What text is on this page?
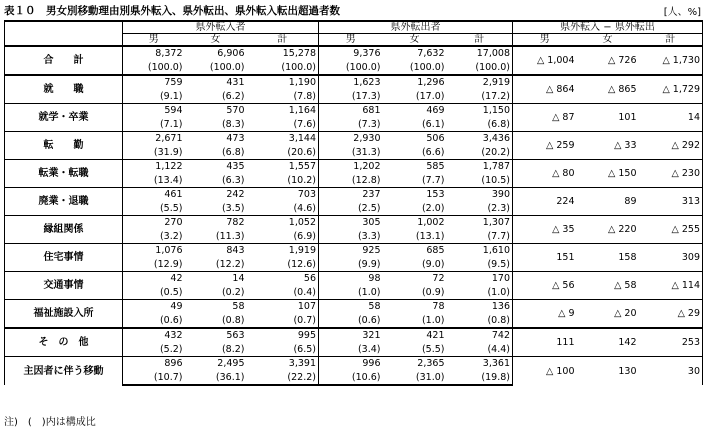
表１０　男女別移動理由別県外転入、県外転出、県外転入転出超過者数	[人、%]
	県外転入者			県外転出者			県外転入 − 県外転出		
	男	女	計	男	女	計	男	女	計
合　　計	8,372	6,906	15,278	9,376	7,632	17,008	△ 1,004	△ 726	△ 1,730
	(100.0)	(100.0)	(100.0)	(100.0)	(100.0)	(100.0)			
就　　職	759	431	1,190	1,623	1,296	2,919	△ 864	△ 865	△ 1,729
	(9.1)	(6.2)	(7.8)	(17.3)	(17.0)	(17.2)			
就学・卒業	594	570	1,164	681	469	1,150	△ 87	101	14
	(7.1)	(8.3)	(7.6)	(7.3)	(6.1)	(6.8)			
転　　勤	2,671	473	3,144	2,930	506	3,436	△ 259	△ 33	△ 292
	(31.9)	(6.8)	(20.6)	(31.3)	(6.6)	(20.2)			
転業・転職	1,122	435	1,557	1,202	585	1,787	△ 80	△ 150	△ 230
	(13.4)	(6.3)	(10.2)	(12.8)	(7.7)	(10.5)			
廃業・退職	461	242	703	237	153	390	224	89	313
	(5.5)	(3.5)	(4.6)	(2.5)	(2.0)	(2.3)			
縁組関係	270	782	1,052	305	1,002	1,307	△ 35	△ 220	△ 255
	(3.2)	(11.3)	(6.9)	(3.3)	(13.1)	(7.7)			
住宅事情	1,076	843	1,919	925	685	1,610	151	158	309
	(12.9)	(12.2)	(12.6)	(9.9)	(9.0)	(9.5)			
交通事情	42	14	56	98	72	170	△ 56	△ 58	△ 114
	(0.5)	(0.2)	(0.4)	(1.0)	(0.9)	(1.0)			
福祉施設入所	49	58	107	58	78	136	△ 9	△ 20	△ 29
	(0.6)	(0.8)	(0.7)	(0.6)	(1.0)	(0.8)			
そ　の　他	432	563	995	321	421	742	111	142	253
	(5.2)	(8.2)	(6.5)	(3.4)	(5.5)	(4.4)			
主因者に伴う移動	896	2,495	3,391	996	2,365	3,361	△ 100	130	30
	(10.7)	(36.1)	(22.2)	(10.6)	(31.0)	(19.8)			
注)　(　)内は構成比
